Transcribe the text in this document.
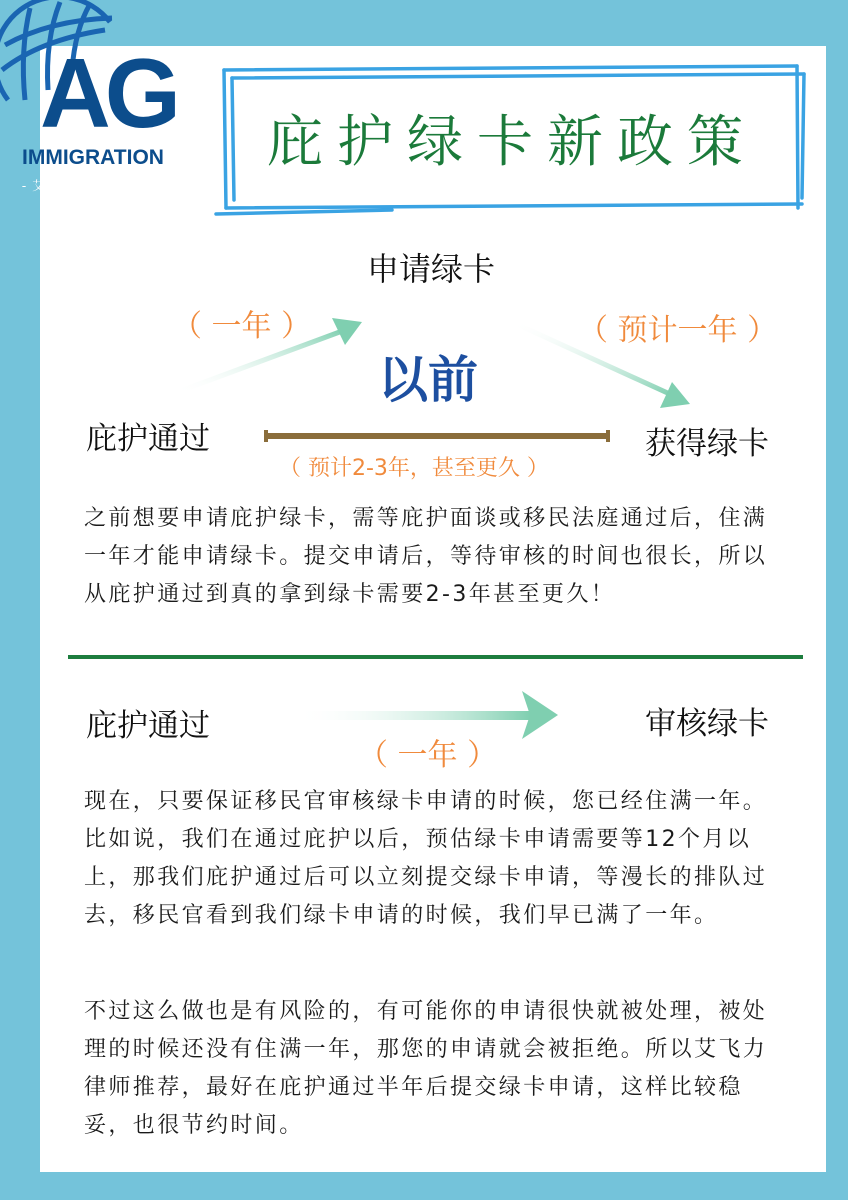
AG
IMMIGRATION
- 艾飛力全球律師集團 -
庇护绿卡新政策
申请绿卡
（ 一年 ）	（ 预计一年 ）
以前
庇护通过	获得绿卡
（ 预计2-3年，甚至更久 ）
之前想要申请庇护绿卡，需等庇护面谈或移民法庭通过后，住满一年才能申请绿卡。提交申请后，等待审核的时间也很长，所以从庇护通过到真的拿到绿卡需要2-3年甚至更久！
庇护通过	审核绿卡
（ 一年 ）
现在，只要保证移民官审核绿卡申请的时候，您已经住满一年。比如说，我们在通过庇护以后，预估绿卡申请需要等12个月以上，那我们庇护通过后可以立刻提交绿卡申请，等漫长的排队过去，移民官看到我们绿卡申请的时候，我们早已满了一年。
不过这么做也是有风险的，有可能你的申请很快就被处理，被处理的时候还没有住满一年，那您的申请就会被拒绝。所以艾飞力律师推荐，最好在庇护通过半年后提交绿卡申请，这样比较稳妥，也很节约时间。
